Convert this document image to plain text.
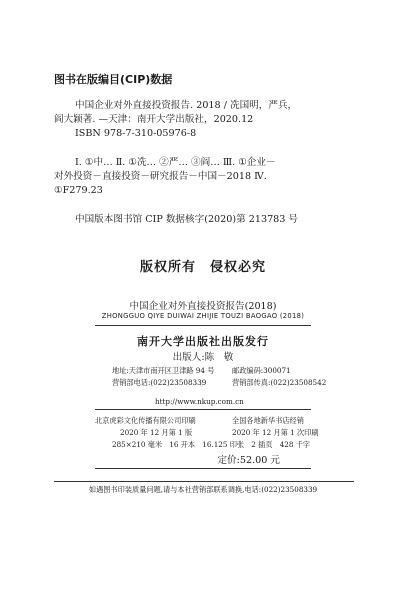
图书在版编目(CIP)数据
中国企业对外直接投资报告. 2018 / 冼国明，严兵，
阎大颖著. —天津：南开大学出版社，2020.12
ISBN 978-7-310-05976-8
Ⅰ. ①中… Ⅱ. ①冼… ②严… ③阎… Ⅲ. ①企业－
对外投资－直接投资－研究报告－中国－2018 Ⅳ.
①F279.23
中国版本图书馆 CIP 数据核字(2020)第 213783 号
版权所有 侵权必究
中国企业对外直接投资报告(2018)
ZHONGGUO QIYE DUIWAI ZHIJIE TOUZI BAOGAO (2018)
南开大学出版社出版发行
出版人:陈　敬
地址:天津市南开区卫津路 94 号 邮政编码:300071
营销部电话:(022)23508339	营销部传真:(022)23508542
http://www.nkup.com.cn
北京虎彩文化传播有限公司印刷	全国各地新华书店经销
2020 年 12 月第 1 版	2020 年 12 月第 1 次印刷
285×210 毫米　16 开本　16.125 印张　2 插页　428 千字
定价:52.00 元
如遇图书印装质量问题,请与本社营销部联系调换,电话:(022)23508339
